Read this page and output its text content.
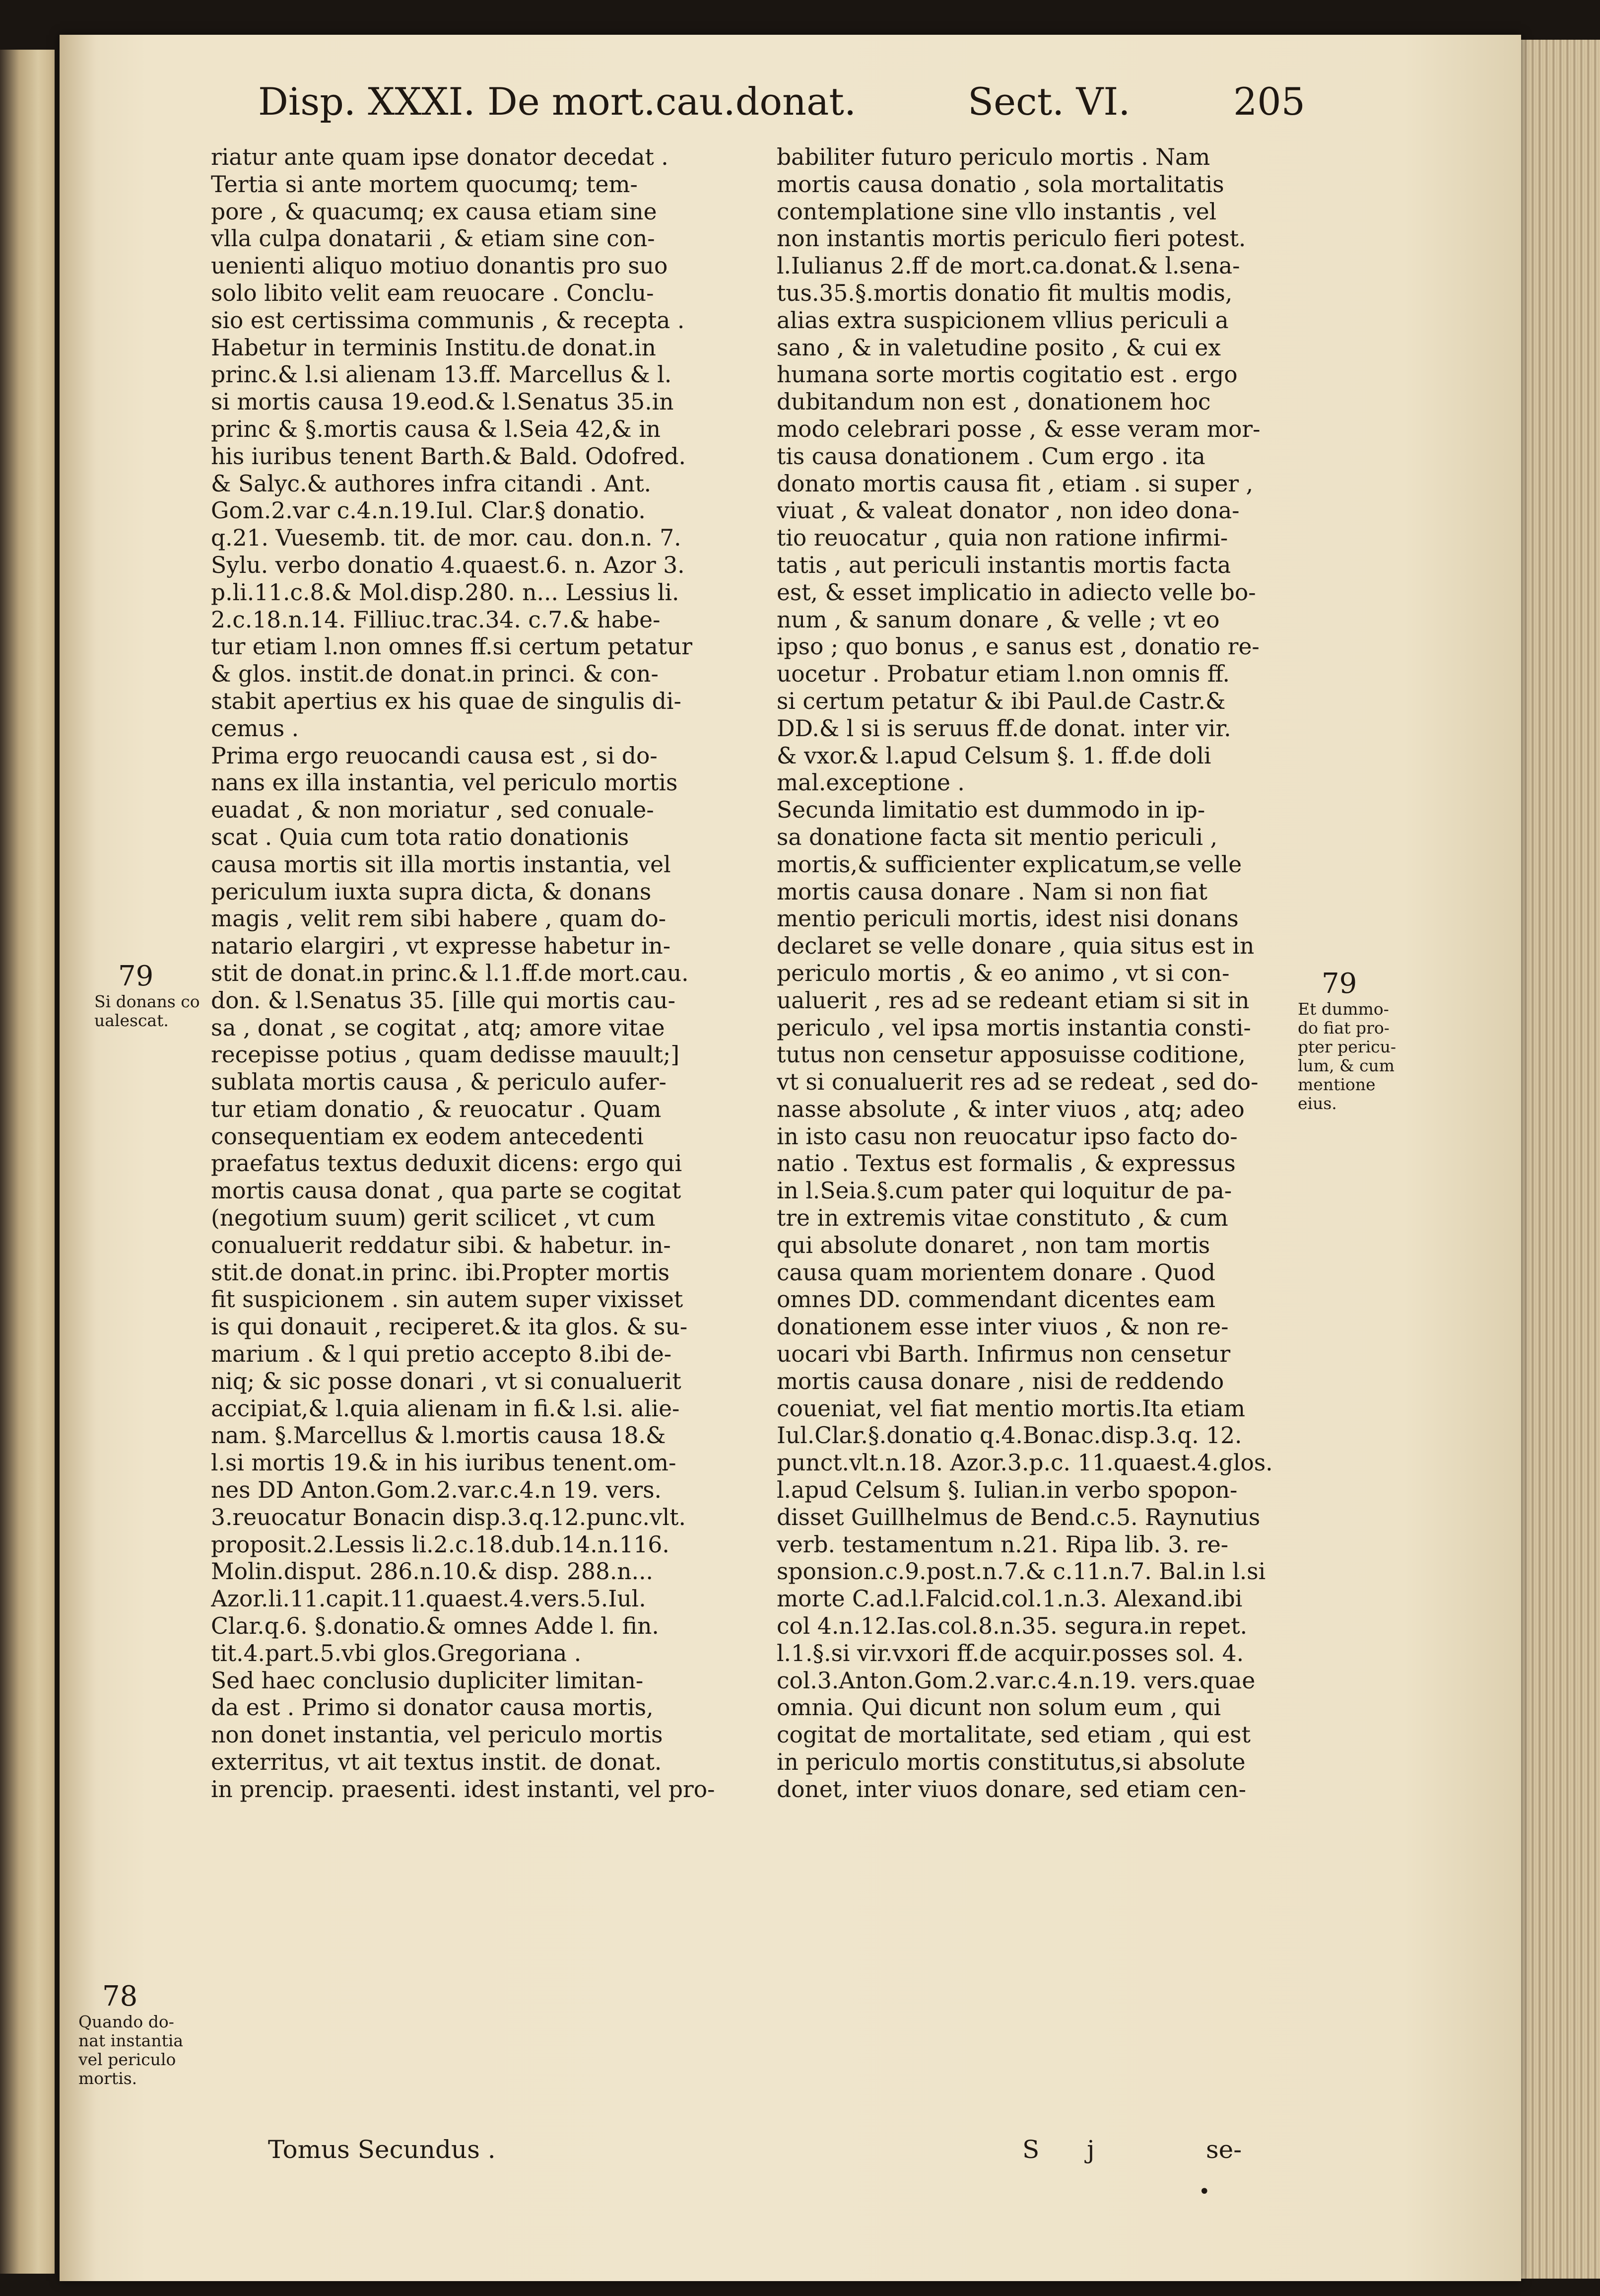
Disp. XXXI. De mort.cau.donat.	Sect. VI.	205
riatur ante quam ipse donator decedat .
Tertia si ante mortem quocumq; tem-
pore , & quacumq; ex causa etiam sine
vlla culpa donatarii , & etiam sine con-
uenienti aliquo motiuo donantis pro suo
solo libito velit eam reuocare . Conclu-
sio est certissima communis , & recepta .
Habetur in terminis Institu.de donat.in
princ.& l.si alienam 13.ff. Marcellus & l.
si mortis causa 19.eod.& l.Senatus 35.in
princ & §.mortis causa & l.Seia 42,& in
his iuribus tenent Barth.& Bald. Odofred.
& Salyc.& authores infra citandi . Ant.
Gom.2.var c.4.n.19.Iul. Clar.§ donatio.
q.21. Vuesemb. tit. de mor. cau. don.n. 7.
Sylu. verbo donatio 4.quaest.6. n. Azor 3.
p.li.11.c.8.& Mol.disp.280. n... Lessius li.
2.c.18.n.14. Filliuc.trac.34. c.7.& habe-
tur etiam l.non omnes ff.si certum petatur
& glos. instit.de donat.in princi. & con-
stabit apertius ex his quae de singulis di-
cemus .
Prima ergo reuocandi causa est , si do-
nans ex illa instantia, vel periculo mortis
euadat , & non moriatur , sed conuale-
scat . Quia cum tota ratio donationis
causa mortis sit illa mortis instantia, vel
periculum iuxta supra dicta, & donans
magis , velit rem sibi habere , quam do-
natario elargiri , vt expresse habetur in-
stit de donat.in princ.& l.1.ff.de mort.cau.
don. & l.Senatus 35. [ille qui mortis cau-
sa , donat , se cogitat , atq; amore vitae
recepisse potius , quam dedisse mauult;]
sublata mortis causa , & periculo aufer-
tur etiam donatio , & reuocatur . Quam
consequentiam ex eodem antecedenti
praefatus textus deduxit dicens: ergo qui
mortis causa donat , qua parte se cogitat
(negotium suum) gerit scilicet , vt cum
conualuerit reddatur sibi. & habetur. in-
stit.de donat.in princ. ibi.Propter mortis
fit suspicionem . sin autem super vixisset
is qui donauit , reciperet.& ita glos. & su-
marium . & l qui pretio accepto 8.ibi de-
niq; & sic posse donari , vt si conualuerit
accipiat,& l.quia alienam in fi.& l.si. alie-
nam. §.Marcellus & l.mortis causa 18.&
l.si mortis 19.& in his iuribus tenent.om-
nes DD Anton.Gom.2.var.c.4.n 19. vers.
3.reuocatur Bonacin disp.3.q.12.punc.vlt.
proposit.2.Lessis li.2.c.18.dub.14.n.116.
Molin.disput. 286.n.10.& disp. 288.n...
Azor.li.11.capit.11.quaest.4.vers.5.Iul.
Clar.q.6. §.donatio.& omnes Adde l. fin.
tit.4.part.5.vbi glos.Gregoriana .
Sed haec conclusio dupliciter limitan-
da est . Primo si donator causa mortis,
non donet instantia, vel periculo mortis
exterritus, vt ait textus instit. de donat.
in prencip. praesenti. idest instanti, vel pro-
babiliter futuro periculo mortis . Nam
mortis causa donatio , sola mortalitatis
contemplatione sine vllo instantis , vel
non instantis mortis periculo fieri potest.
l.Iulianus 2.ff de mort.ca.donat.& l.sena-
tus.35.§.mortis donatio fit multis modis,
alias extra suspicionem vllius periculi a
sano , & in valetudine posito , & cui ex
humana sorte mortis cogitatio est . ergo
dubitandum non est , donationem hoc
modo celebrari posse , & esse veram mor-
tis causa donationem . Cum ergo . ita
donato mortis causa fit , etiam . si super ,
viuat , & valeat donator , non ideo dona-
tio reuocatur , quia non ratione infirmi-
tatis , aut periculi instantis mortis facta
est, & esset implicatio in adiecto velle bo-
num , & sanum donare , & velle ; vt eo
ipso ; quo bonus , e sanus est , donatio re-
uocetur . Probatur etiam l.non omnis ff.
si certum petatur & ibi Paul.de Castr.&
DD.& l si is seruus ff.de donat. inter vir.
& vxor.& l.apud Celsum §. 1. ff.de doli
mal.exceptione .
Secunda limitatio est dummodo in ip-
sa donatione facta sit mentio periculi ,
mortis,& sufficienter explicatum,se velle
mortis causa donare . Nam si non fiat
mentio periculi mortis, idest nisi donans
declaret se velle donare , quia situs est in
periculo mortis , & eo animo , vt si con-
ualuerit , res ad se redeant etiam si sit in
periculo , vel ipsa mortis instantia consti-
tutus non censetur apposuisse coditione,
vt si conualuerit res ad se redeat , sed do-
nasse absolute , & inter viuos , atq; adeo
in isto casu non reuocatur ipso facto do-
natio . Textus est formalis , & expressus
in l.Seia.§.cum pater qui loquitur de pa-
tre in extremis vitae constituto , & cum
qui absolute donaret , non tam mortis
causa quam morientem donare . Quod
omnes DD. commendant dicentes eam
donationem esse inter viuos , & non re-
uocari vbi Barth. Infirmus non censetur
mortis causa donare , nisi de reddendo
coueniat, vel fiat mentio mortis.Ita etiam
Iul.Clar.§.donatio q.4.Bonac.disp.3.q. 12.
punct.vlt.n.18. Azor.3.p.c. 11.quaest.4.glos.
l.apud Celsum §. Iulian.in verbo spopon-
disset Guillhelmus de Bend.c.5. Raynutius
verb. testamentum n.21. Ripa lib. 3. re-
sponsion.c.9.post.n.7.& c.11.n.7. Bal.in l.si
morte C.ad.l.Falcid.col.1.n.3. Alexand.ibi
col 4.n.12.Ias.col.8.n.35. segura.in repet.
l.1.§.si vir.vxori ff.de acquir.posses sol. 4.
col.3.Anton.Gom.2.var.c.4.n.19. vers.quae
omnia. Qui dicunt non solum eum , qui
cogitat de mortalitate, sed etiam , qui est
in periculo mortis constitutus,si absolute
donet, inter viuos donare, sed etiam cen-
79
Si donans co
ualescat.
79
Et dummo-
do fiat pro-
pter pericu-
lum, & cum
mentione
eius.
78
Quando do-
nat instantia
vel periculo
mortis.
Tomus Secundus .	S j	se-
•
